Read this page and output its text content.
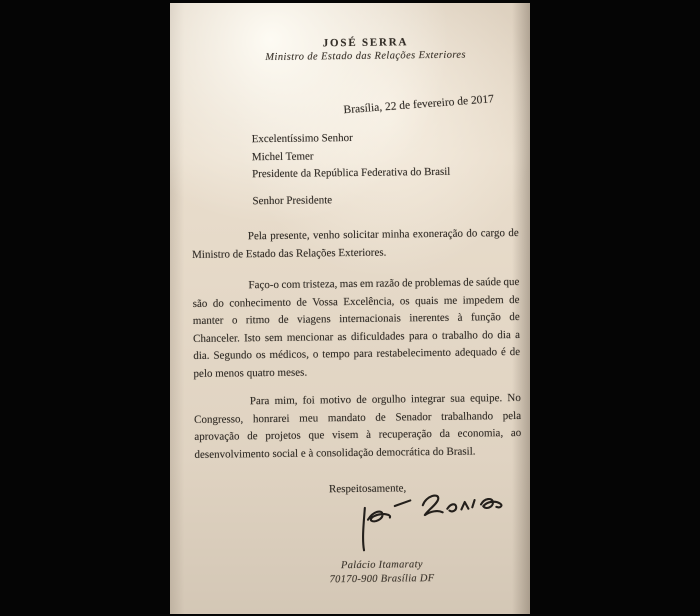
JOSÉ SERRA
Ministro de Estado das Relações Exteriores
Brasília, 22 de fevereiro de 2017
Excelentíssimo Senhor
Michel Temer
Presidente da República Federativa do Brasil
Senhor Presidente
Pela presente, venho solicitar minha exoneração do cargo de
Ministro de Estado das Relações Exteriores.
Faço-o com tristeza, mas em razão de problemas de saúde que
são do conhecimento de Vossa Excelência, os quais me impedem de
manter o ritmo de viagens internacionais inerentes à função de
Chanceler. Isto sem mencionar as dificuldades para o trabalho do dia a
dia. Segundo os médicos, o tempo para restabelecimento adequado é de
pelo menos quatro meses.
Para mim, foi motivo de orgulho integrar sua equipe. No
Congresso, honrarei meu mandato de Senador trabalhando pela
aprovação de projetos que visem à recuperação da economia, ao
desenvolvimento social e à consolidação democrática do Brasil.
Respeitosamente,
Palácio Itamaraty
70170-900 Brasília DF
